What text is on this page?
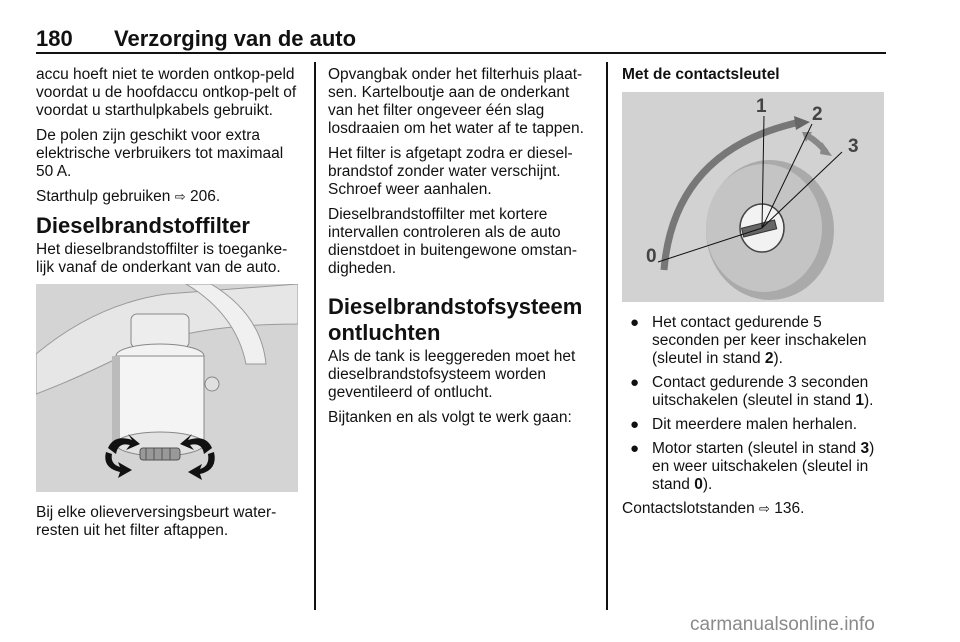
180 Verzorging van de auto

accu hoeft niet te worden ontkop-peld voordat u de hoofdaccu ontkop-pelt of voordat u starthulpkabels gebruikt.

De polen zijn geschikt voor extra elektrische verbruikers tot maximaal 50 A.

Starthulp gebruiken ⇨ 206.

Dieselbrandstoffilter

Het dieselbrandstoffilter is toeganke-lijk vanaf de onderkant van de auto.

Bij elke olieverversingsbeurt water-resten uit het filter aftappen.

Opvangbak onder het filterhuis plaat-sen. Kartelboutje aan de onderkant van het filter ongeveer één slag losdraaien om het water af te tappen.

Het filter is afgetapt zodra er diesel-brandstof zonder water verschijnt. Schroef weer aanhalen.

Dieselbrandstoffilter met kortere intervallen controleren als de auto dienstdoet in buitengewone omstan-digheden.

Dieselbrandstofsysteem ontluchten

Als de tank is leeggereden moet het dieselbrandstofsysteem worden geventileerd of ontlucht.

Bijtanken en als volgt te werk gaan:

Met de contactsleutel
0
1 2
3
● Het contact gedurende 5 seconden per keer inschakelen (sleutel in stand 2).
● Contact gedurende 3 seconden uitschakelen (sleutel in stand 1).
● Dit meerdere malen herhalen.
● Motor starten (sleutel in stand 3) en weer uitschakelen (sleutel in stand 0).

Contactslotstanden ⇨ 136.

carmanualsonline.info
